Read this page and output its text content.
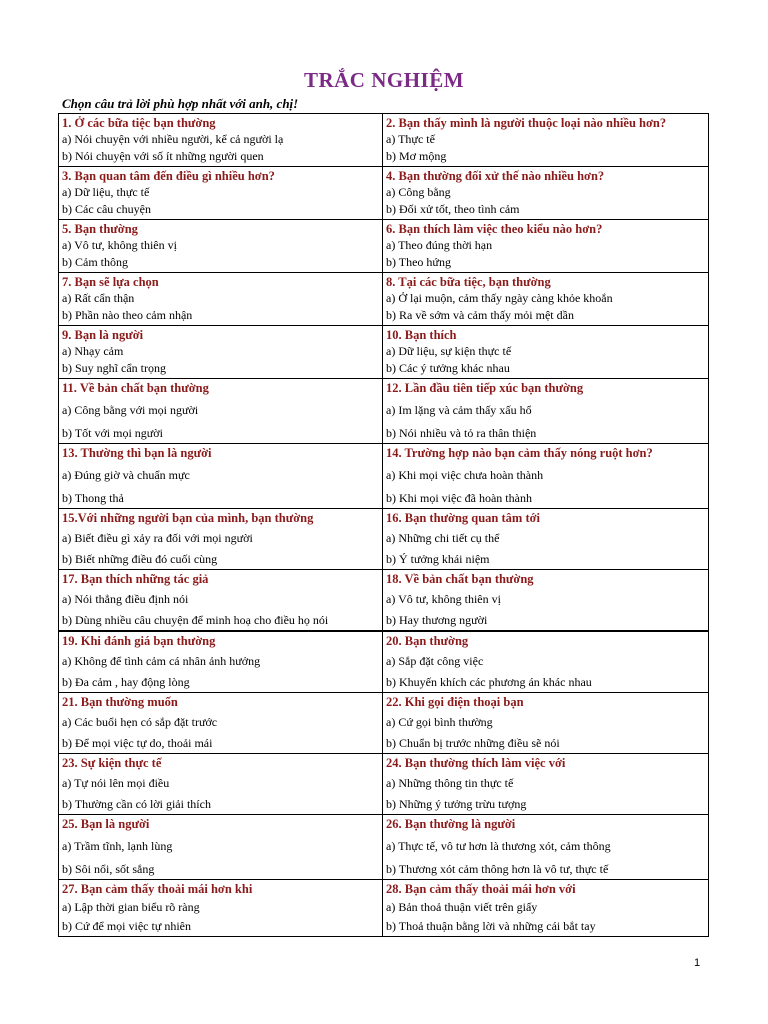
TRẮC NGHIỆM
Chọn câu trả lời phù hợp nhất với anh, chị!
1. Ở các bữa tiệc bạn thường
a) Nói chuyện với nhiều người, kể cả người lạ
b) Nói chuyện với số ít những người quen
2. Bạn thấy mình là người thuộc loại nào nhiều hơn?
a) Thực tế
b) Mơ mộng
3. Bạn quan tâm đến điều gì nhiều hơn?
a) Dữ liệu, thực tế
b) Các câu chuyện
4. Bạn thường đối xử thế nào nhiều hơn?
a) Công bằng
b) Đối xử tốt, theo tình cảm
5. Bạn thường
a) Vô tư, không thiên vị
b) Cảm thông
6. Bạn thích làm việc theo kiểu nào hơn?
a) Theo đúng thời hạn
b) Theo hứng
7. Bạn sẽ lựa chọn
a) Rất cẩn thận
b) Phần nào theo cảm nhận
8. Tại các bữa tiệc, bạn thường
a) Ở lại muộn, cảm thấy ngày càng khỏe khoắn
b) Ra về sớm và cảm thấy mỏi mệt dần
9. Bạn là người
a) Nhạy cảm
b) Suy nghĩ cẩn trọng
10. Bạn thích
a) Dữ liệu, sự kiện thực tế
b) Các ý tưởng khác nhau
11. Về bản chất bạn thường
a) Công bằng với mọi người
b) Tốt với mọi người
12. Lần đầu tiên tiếp xúc bạn thường
a) Im lặng và cảm thấy xấu hổ
b) Nói nhiều và tỏ ra thân thiện
13. Thường thì bạn là người
a) Đúng giờ và chuẩn mực
b) Thong thả
14. Trường hợp nào bạn cảm thấy nóng ruột hơn?
a) Khi mọi việc chưa hoàn thành
b) Khi mọi việc đã hoàn thành
15.Với những người bạn của mình, bạn thường
a) Biết điều gì xảy ra đối với mọi người
b) Biết những điều đó cuối cùng
16. Bạn thường quan tâm tới
a) Những chi tiết cụ thể
b) Ý tưởng khái niệm
17. Bạn thích những tác giả
a) Nói thẳng điều định nói
b) Dùng nhiều câu chuyện để minh hoạ cho điều họ nói
18. Về bản chất bạn thường
a) Vô tư, không thiên vị
b) Hay thương người
19. Khi đánh giá bạn thường
a) Không để tình cảm cá nhân ảnh hưởng
b) Đa cảm , hay động lòng
20. Bạn thường
a) Sắp đặt công việc
b) Khuyến khích các phương án khác nhau
21. Bạn thường muốn
a) Các buổi hẹn có sắp đặt trước
b) Để mọi việc tự do, thoải mái
22. Khi gọi điện thoại bạn
a) Cứ gọi bình thường
b) Chuẩn bị trước những điều sẽ nói
23. Sự kiện thực tế
a) Tự nói lên mọi điều
b) Thường cần có lời giải thích
24. Bạn thường thích làm việc với
a) Những thông tin thực tế
b) Những ý tưởng trừu tượng
25. Bạn là người
a) Trầm tĩnh, lạnh lùng
b) Sôi nổi, sốt sắng
26. Bạn thường là người
a) Thực tế, vô tư hơn là thương xót, cảm thông
b) Thương xót cảm thông hơn là vô tư, thực tế
27. Bạn cảm thấy thoải mái hơn khi
a) Lập thời gian biểu rõ ràng
b) Cứ để mọi việc tự nhiên
28. Bạn cảm thấy thoải mái hơn với
a) Bản thoả thuận viết trên giấy
b) Thoả thuận bằng lời và những cái bắt tay
1
